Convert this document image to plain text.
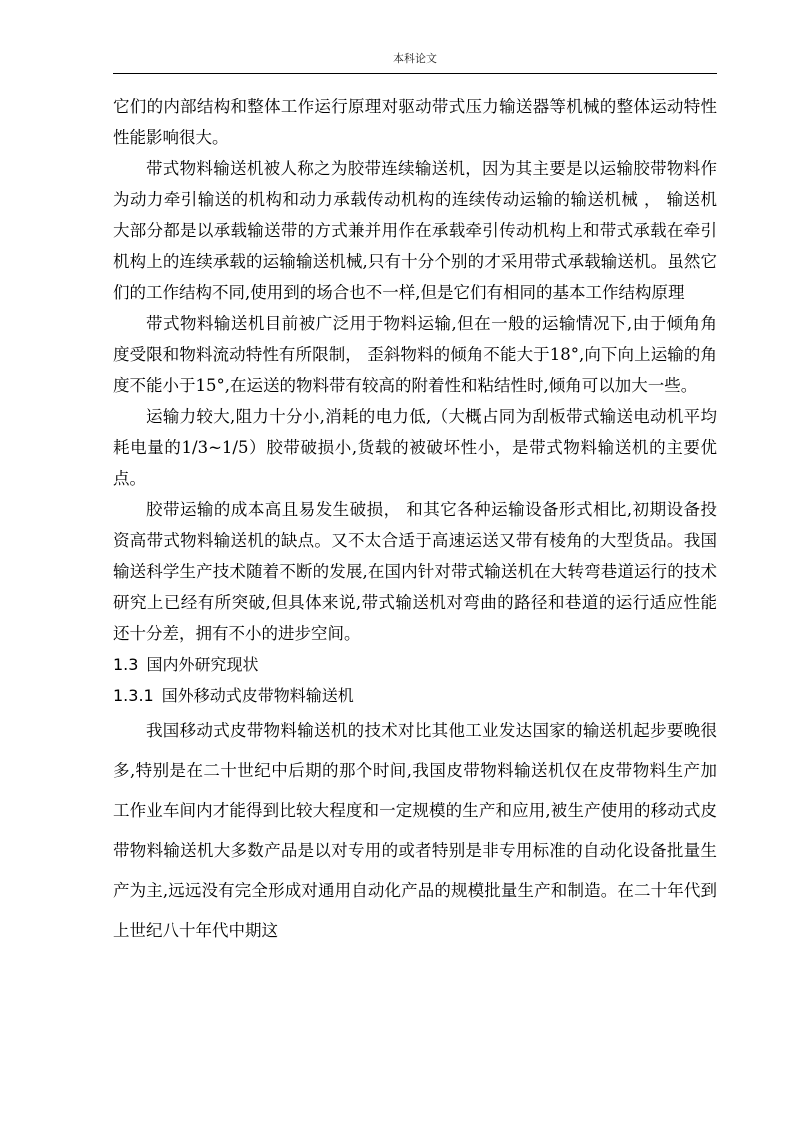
本科论文

它们的内部结构和整体工作运行原理对驱动带式压力输送器等机械的整体运动特性性能影响很大。

带式物料输送机被人称之为胶带连续输送机，因为其主要是以运输胶带物料作为动力牵引输送的机构和动力承载传动机构的连续传动运输的输送机械 ， 输送机大部分都是以承载输送带的方式兼并用作在承载牵引传动机构上和带式承载在牵引机构上的连续承载的运输输送机械,只有十分个别的才采用带式承载输送机。虽然它们的工作结构不同,使用到的场合也不一样,但是它们有相同的基本工作结构原理

带式物料输送机目前被广泛用于物料运输,但在一般的运输情况下,由于倾角角度受限和物料流动特性有所限制， 歪斜物料的倾角不能大于18°,向下向上运输的角度不能小于15°,在运送的物料带有较高的附着性和粘结性时,倾角可以加大一些。

运输力较大,阻力十分小,消耗的电力低,（大概占同为刮板带式输送电动机平均耗电量的1/3~1/5）胶带破损小,货载的被破坏性小，是带式物料输送机的主要优点。

胶带运输的成本高且易发生破损， 和其它各种运输设备形式相比,初期设备投资高带式物料输送机的缺点。又不太合适于高速运送又带有棱角的大型货品。我国输送科学生产技术随着不断的发展,在国内针对带式输送机在大转弯巷道运行的技术研究上已经有所突破,但具体来说,带式输送机对弯曲的路径和巷道的运行适应性能还十分差，拥有不小的进步空间。

1.3 国内外研究现状
1.3.1 国外移动式皮带物料输送机

我国移动式皮带物料输送机的技术对比其他工业发达国家的输送机起步要晚很多,特别是在二十世纪中后期的那个时间,我国皮带物料输送机仅在皮带物料生产加工作业车间内才能得到比较大程度和一定规模的生产和应用,被生产使用的移动式皮带物料输送机大多数产品是以对专用的或者特别是非专用标准的自动化设备批量生产为主,远远没有完全形成对通用自动化产品的规模批量生产和制造。在二十年代到上世纪八十年代中期这
